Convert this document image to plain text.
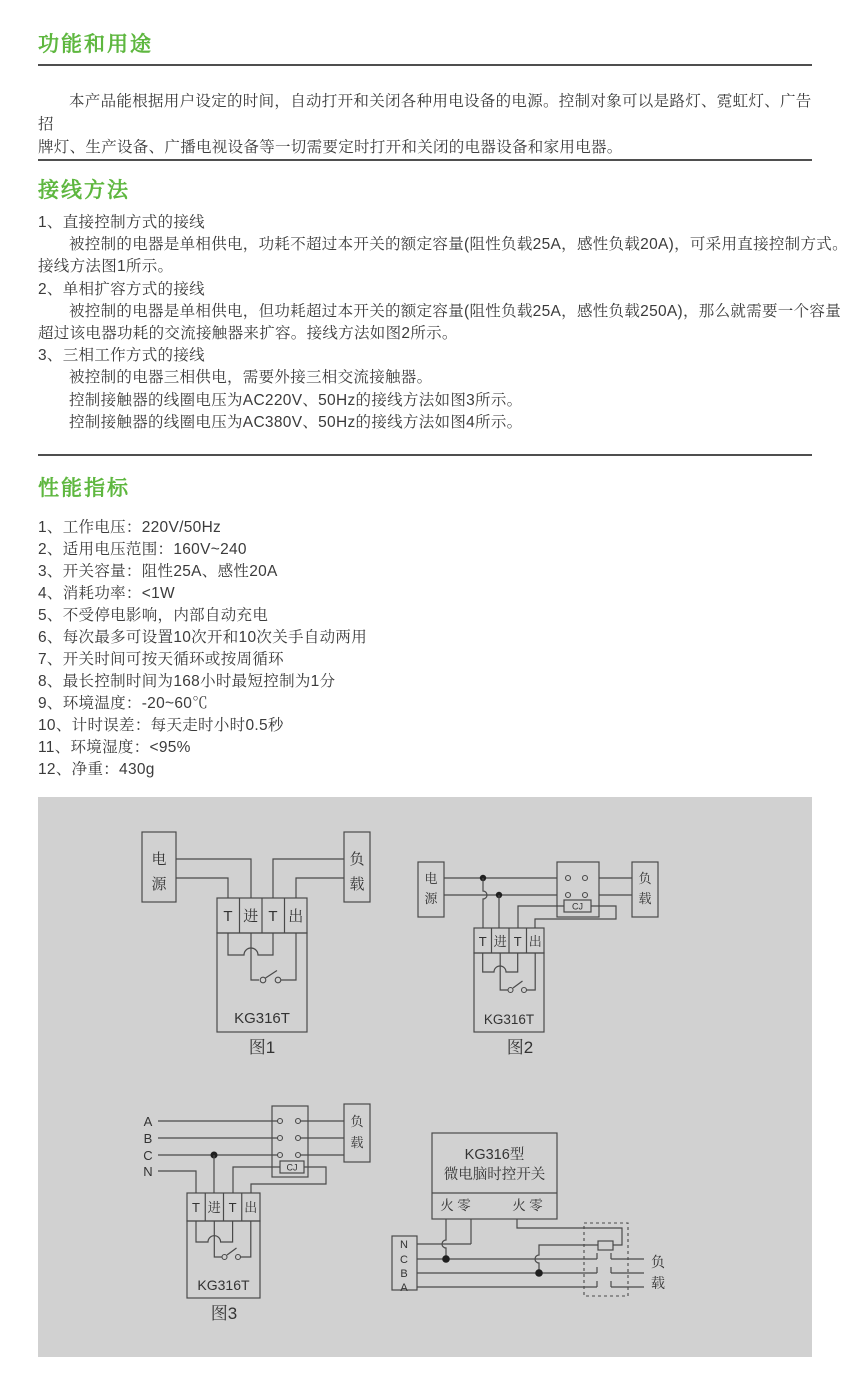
功能和用途
本产品能根据用户设定的时间，自动打开和关闭各种用电设备的电源。控制对象可以是路灯、霓虹灯、广告招
牌灯、生产设备、广播电视设备等一切需要定时打开和关闭的电器设备和家用电器。
接线方法
1、直接控制方式的接线
被控制的电器是单相供电，功耗不超过本开关的额定容量(阻性负载25A，感性负载20A)，可采用直接控制方式。
接线方法图1所示。
2、单相扩容方式的接线
被控制的电器是单相供电，但功耗超过本开关的额定容量(阻性负载25A，感性负载250A)，那么就需要一个容量
超过该电器功耗的交流接触器来扩容。接线方法如图2所示。
3、三相工作方式的接线
被控制的电器三相供电，需要外接三相交流接触器。
控制接触器的线圈电压为AC220V、50Hz的接线方法如图3所示。
控制接触器的线圈电压为AC380V、50Hz的接线方法如图4所示。
性能指标
1、工作电压：220V/50Hz
2、适用电压范围：160V~240
3、开关容量：阻性25A、感性20A
4、消耗功率：<1W
5、不受停电影响，内部自动充电
6、每次最多可设置10次开和10次关手自动两用
7、开关时间可按天循环或按周循环
8、最长控制时间为168小时最短控制为1分
9、环境温度：-20~60℃
10、计时误差：每天走时小时0.5秒
11、环境湿度：<95%
12、净重：430g
电
源
负
载
T 进 T 出
KG316T
图1
电
源
CJ
负
载
T 进 T 出
KG316T
图2
A
B
C
N	CJ
负
载
T 进 T 出
KG316T
图3
KG316型
微电脑时控开关
火 零	火 零
N
C
B
A
负
载
